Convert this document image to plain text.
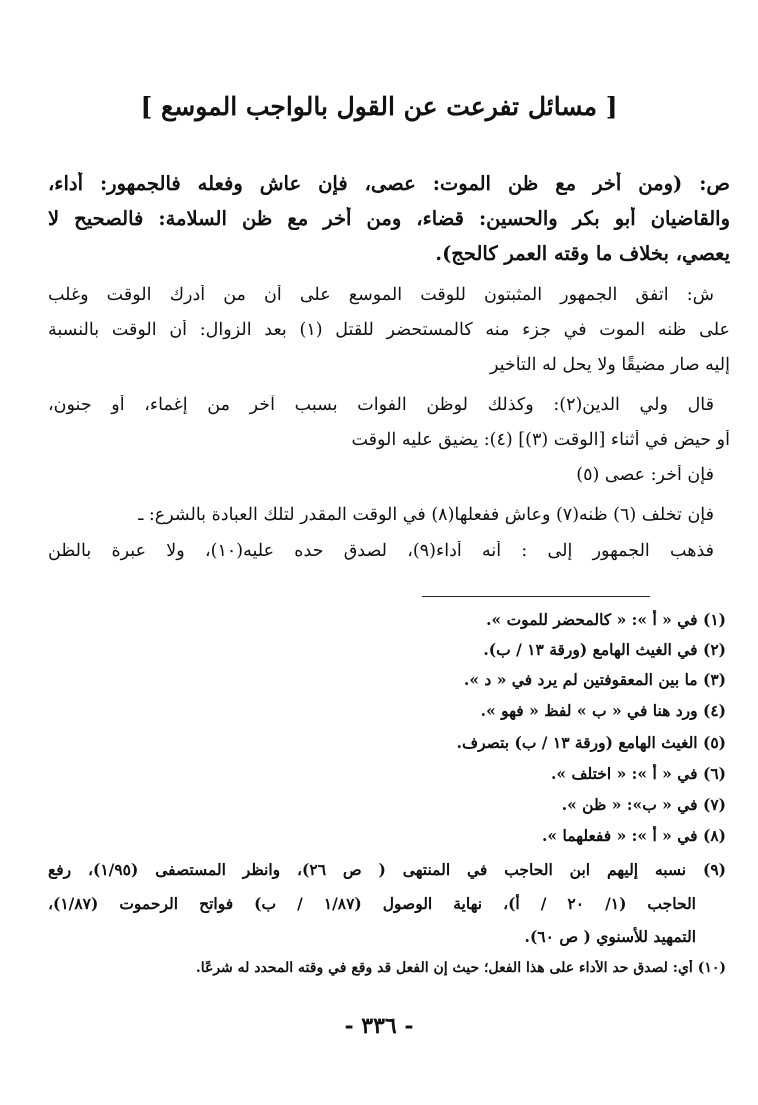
[ مسائل تفرعت عن القول بالواجب الموسع ]
ص: (ومن أخر مع ظن الموت: عصى، فإن عاش وفعله فالجمهور: أداء،
والقاضيان أبو بكر والحسين: قضاء، ومن أخر مع ظن السلامة: فالصحيح لا
يعصي، بخلاف ما وقته العمر كالحج).
ش: اتفق الجمهور المثبتون للوقت الموسع على أن من أدرك الوقت وغلب
على ظنه الموت في جزء منه كالمستحضر للقتل (١) بعد الزوال: أن الوقت بالنسبة
إليه صار مضيقًا ولا يحل له التأخير
قال ولي الدين(٢): وكذلك لوظن الفوات بسبب آخر من إغماء، أو جنون،
أو حيض في أثناء [الوقت (٣)] (٤): يضيق عليه الوقت
فإن أخر: عصى (٥)
فإن تخلف (٦) ظنه(٧) وعاش ففعلها(٨) في الوقت المقدر لتلك العبادة بالشرع: ـ
فذهب الجمهور إلى : أنه أداء(٩)، لصدق حده عليه(١٠)، ولا عبرة بالظن
(١) في « أ »: « كالمحضر للموت ».
(٢) في الغيث الهامع (ورقة ١٣ / ب).
(٣) ما بين المعقوفتين لم يرد في « د ».
(٤) ورد هنا في « ب » لفظ « فهو ».
(٥) الغيث الهامع (ورقة ١٣ / ب) بتصرف.
(٦) في « أ »: « اختلف ».
(٧) في « ب»: « ظن ».
(٨) في « أ »: « ففعلهما ».
(٩) نسبه إليهم ابن الحاجب في المنتهى ( ص ٢٦)، وانظر المستصفى (١/٩٥)، رفع
الحاجب (١/ ٢٠ / أ)، نهاية الوصول (١/٨٧ / ب) فواتح الرحموت (١/٨٧)،
التمهيد للأسنوي ( ص ٦٠).
(١٠) أي: لصدق حد الأداء على هذا الفعل؛ حيث إن الفعل قد وقع في وقته المحدد له شرعًا.
- ٣٣٦ -
